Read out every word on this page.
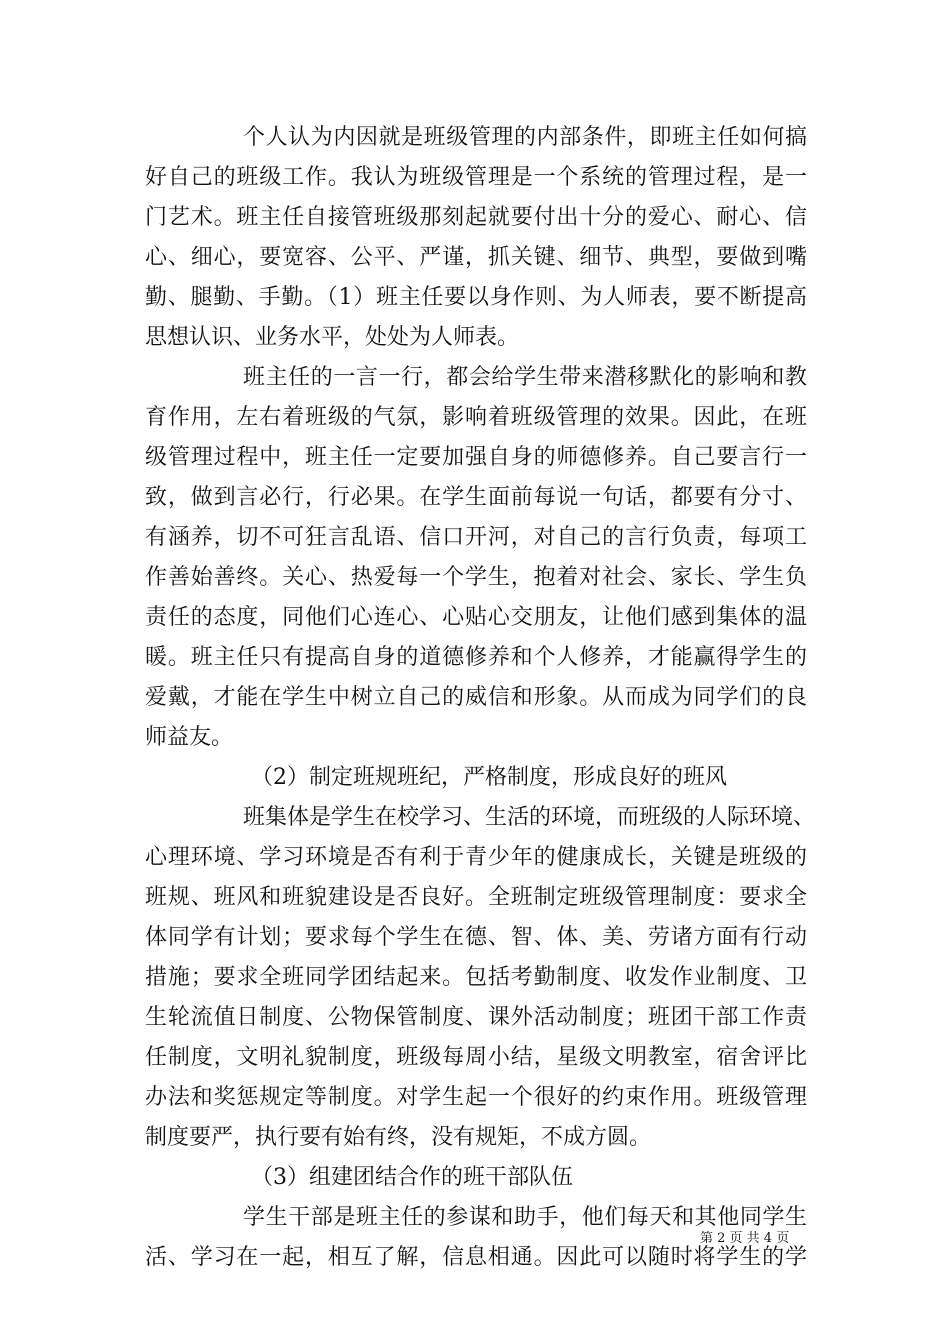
个人认为内因就是班级管理的内部条件，即班主任如何搞
好自己的班级工作。我认为班级管理是一个系统的管理过程，是一
门艺术。班主任自接管班级那刻起就要付出十分的爱心、耐心、信
心、细心，要宽容、公平、严谨，抓关键、细节、典型，要做到嘴
勤、腿勤、手勤。（1）班主任要以身作则、为人师表，要不断提高
思想认识、业务水平，处处为人师表。
班主任的一言一行，都会给学生带来潜移默化的影响和教
育作用，左右着班级的气氛，影响着班级管理的效果。因此，在班
级管理过程中，班主任一定要加强自身的师德修养。自己要言行一
致，做到言必行，行必果。在学生面前每说一句话，都要有分寸、
有涵养，切不可狂言乱语、信口开河，对自己的言行负责，每项工
作善始善终。关心、热爱每一个学生，抱着对社会、家长、学生负
责任的态度，同他们心连心、心贴心交朋友，让他们感到集体的温
暖。班主任只有提高自身的道德修养和个人修养，才能赢得学生的
爱戴，才能在学生中树立自己的威信和形象。从而成为同学们的良
师益友。
（2）制定班规班纪，严格制度，形成良好的班风
班集体是学生在校学习、生活的环境，而班级的人际环境、
心理环境、学习环境是否有利于青少年的健康成长，关键是班级的
班规、班风和班貌建设是否良好。全班制定班级管理制度：要求全
体同学有计划；要求每个学生在德、智、体、美、劳诸方面有行动
措施；要求全班同学团结起来。包括考勤制度、收发作业制度、卫
生轮流值日制度、公物保管制度、课外活动制度；班团干部工作责
任制度，文明礼貌制度，班级每周小结，星级文明教室，宿舍评比
办法和奖惩规定等制度。对学生起一个很好的约束作用。班级管理
制度要严，执行要有始有终，没有规矩，不成方圆。
（3）组建团结合作的班干部队伍
学生干部是班主任的参谋和助手，他们每天和其他同学生
活、学习在一起，相互了解，信息相通。因此可以随时将学生的学
第 2 页 共 4 页
